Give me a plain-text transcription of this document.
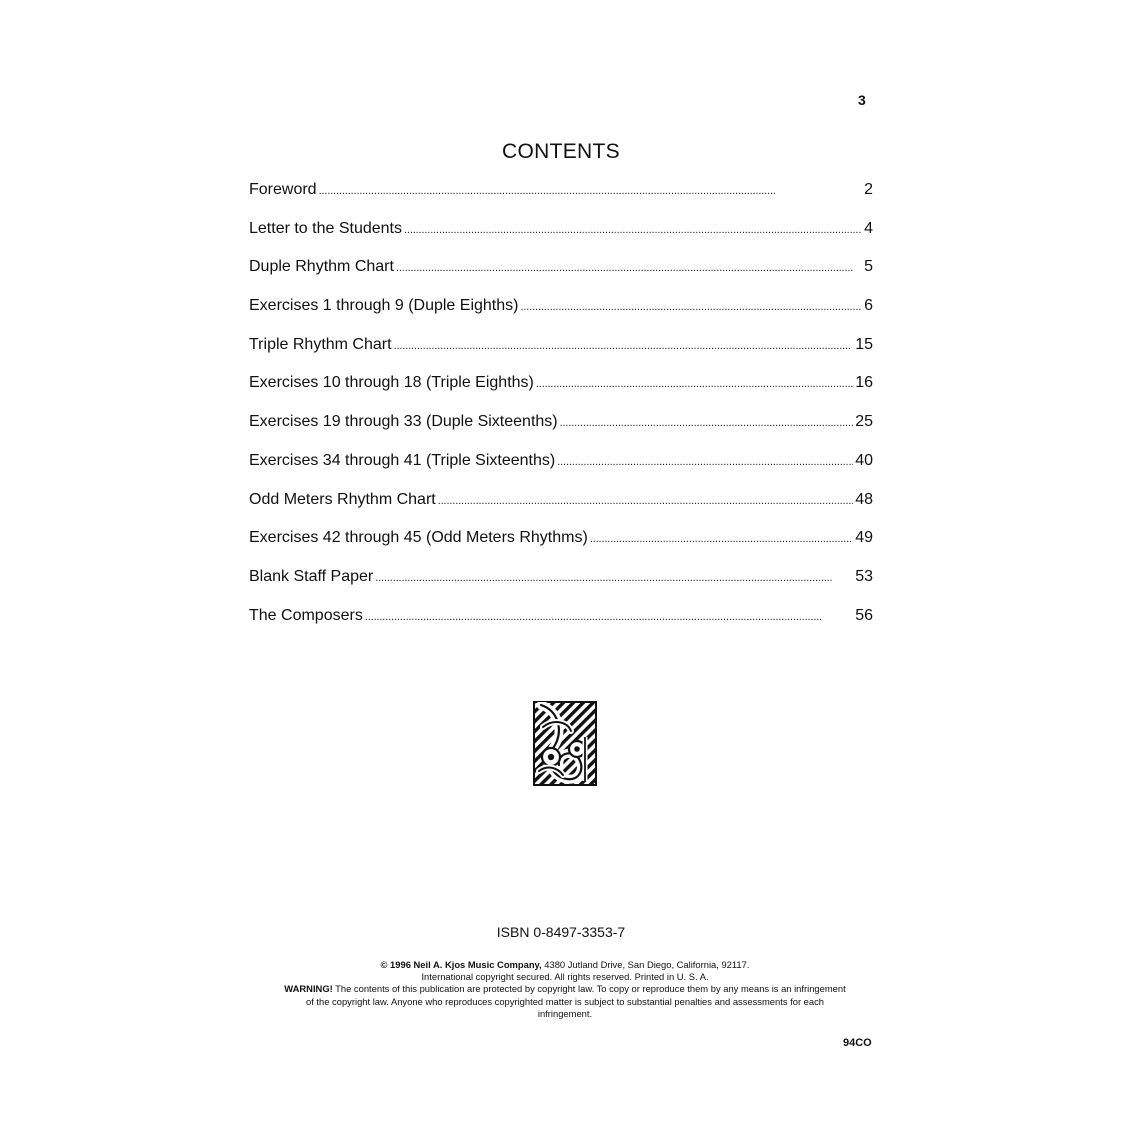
3
CONTENTS
Foreword . . .	2
Letter to the Students . . .	4
Duple Rhythm Chart . . .	5
Exercises 1 through 9 (Duple Eighths) . . .	6
Triple Rhythm Chart . . .	15
Exercises 10 through 18 (Triple Eighths) . . .	16
Exercises 19 through 33 (Duple Sixteenths) . . .	25
Exercises 34 through 41 (Triple Sixteenths) . . .	40
Odd Meters Rhythm Chart . . .	48
Exercises 42 through 45 (Odd Meters Rhythms) . . .	49
Blank Staff Paper . . .	53
The Composers . . .	56
ISBN 0-8497-3353-7

© 1996 Neil A. Kjos Music Company, 4380 Jutland Drive, San Diego, California, 92117.

International copyright secured. All rights reserved. Printed in U. S. A.

WARNING! The contents of this publication are protected by copyright law. To copy or reproduce them by any means is an infringement of the copyright law. Anyone who reproduces copyrighted matter is subject to substantial penalties and assessments for each infringement.

94CO
